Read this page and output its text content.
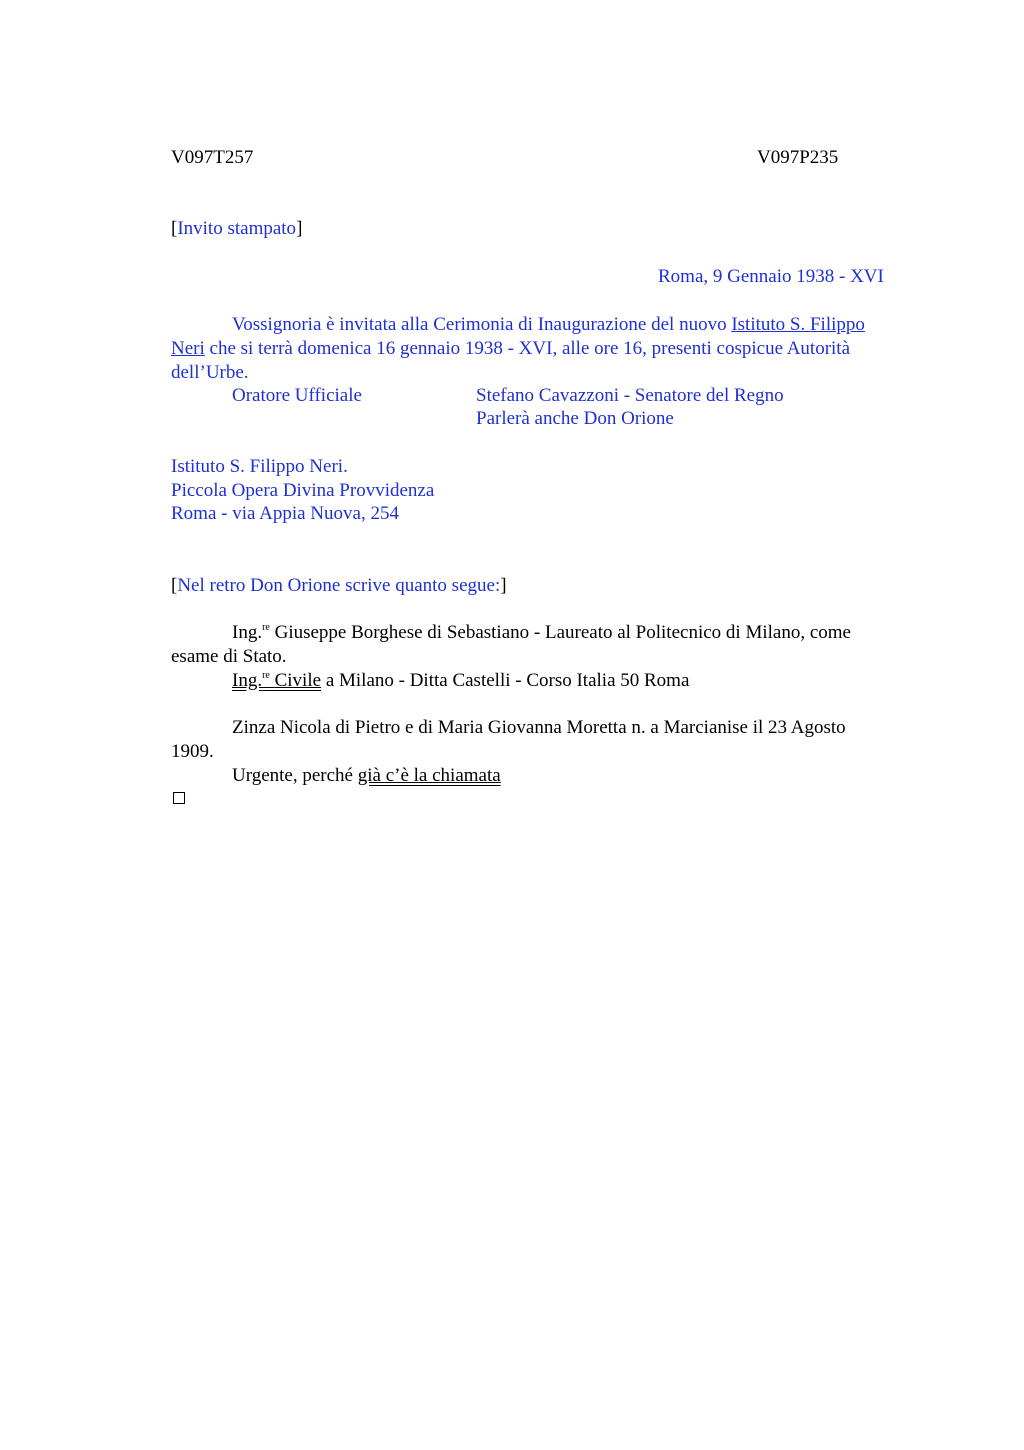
V097T257	V097P235
[Invito stampato]
Roma, 9 Gennaio 1938 - XVI
Vossignoria è invitata alla Cerimonia di Inaugurazione del nuovo Istituto S. Filippo
Neri che si terrà domenica 16 gennaio 1938 - XVI, alle ore 16, presenti cospicue Autorità
dell’Urbe.
Oratore Ufficiale	Stefano Cavazzoni - Senatore del Regno
Parlerà anche Don Orione
Istituto S. Filippo Neri.
Piccola Opera Divina Provvidenza
Roma - via Appia Nuova, 254
[Nel retro Don Orione scrive quanto segue:]
Ing.$^{re}$ Giuseppe Borghese di Sebastiano - Laureato al Politecnico di Milano, come
esame di Stato.
Ing.$^{re}$ Civile a Milano - Ditta Castelli - Corso Italia 50 Roma
Zinza Nicola di Pietro e di Maria Giovanna Moretta n. a Marcianise il 23 Agosto
1909.
Urgente, perché già c’è la chiamata
